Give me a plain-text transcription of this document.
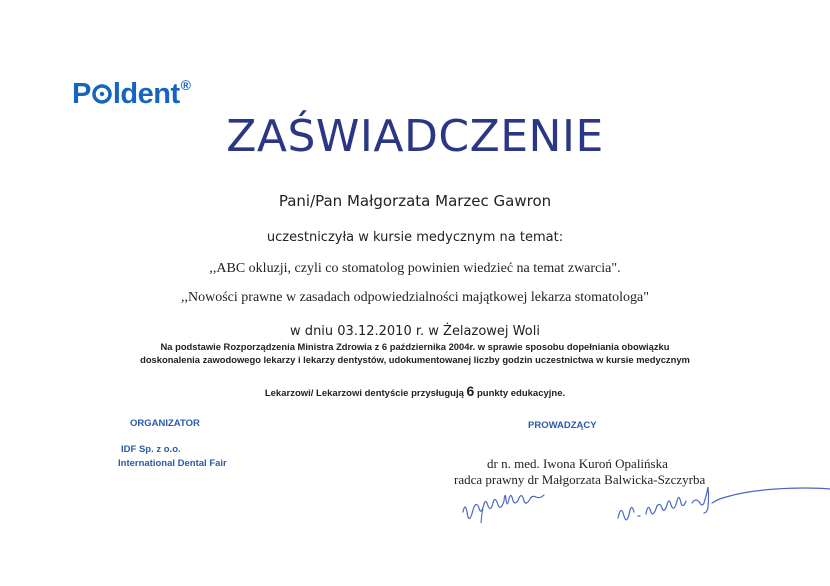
P ldent ®
ZAŚWIADCZENIE
Pani/Pan Małgorzata Marzec Gawron
uczestniczyła w kursie medycznym na temat:
,,ABC okluzji, czyli co stomatolog powinien wiedzieć na temat zwarcia".
,,Nowości prawne w zasadach odpowiedzialności majątkowej lekarza stomatologa"
w dniu 03.12.2010 r. w Żelazowej Woli
Na podstawie Rozporządzenia Ministra Zdrowia z 6 października 2004r. w sprawie sposobu dopełniania obowiązku
doskonalenia zawodowego lekarzy i lekarzy dentystów, udokumentowanej liczby godzin uczestnictwa w kursie medycznym
Lekarzowi/ Lekarzowi dentyście przysługują 6 punkty edukacyjne.
ORGANIZATOR
IDF Sp. z o.o.
International Dental Fair
PROWADZĄCY
dr n. med. Iwona Kuroń Opalińska
radca prawny dr Małgorzata Balwicka-Szczyrba
